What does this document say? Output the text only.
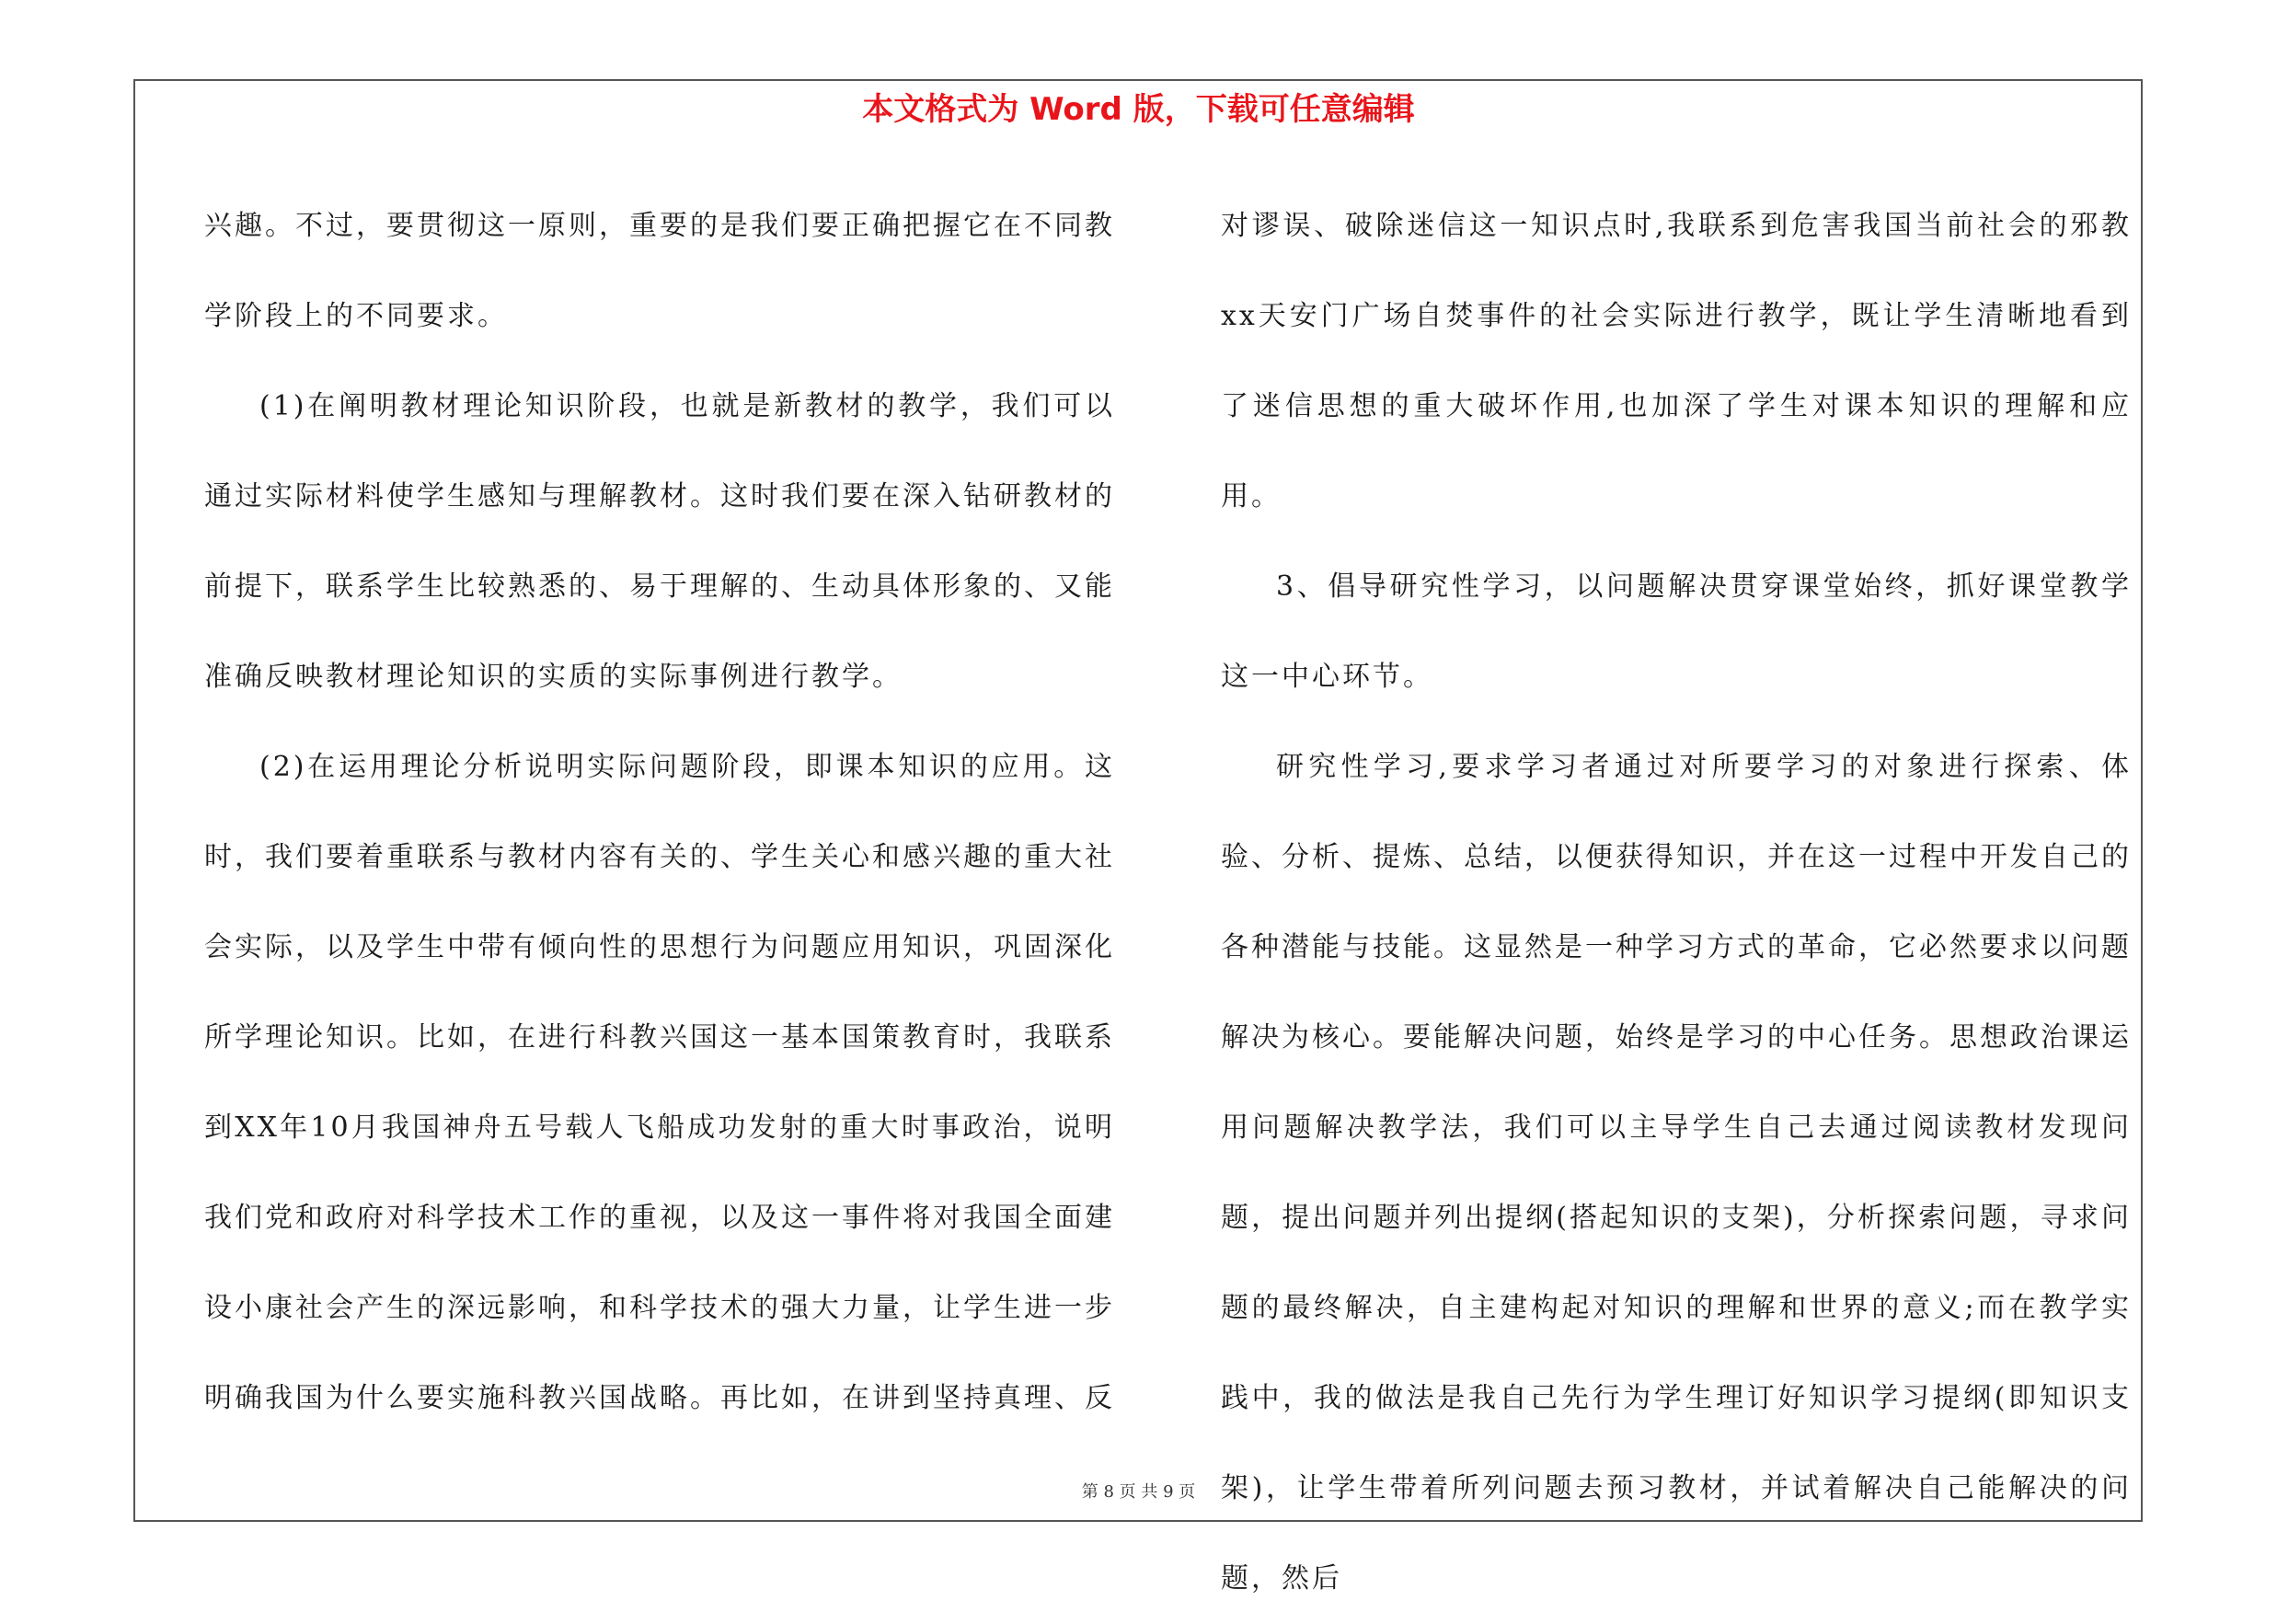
本文格式为 Word 版，下载可任意编辑

兴趣。不过，要贯彻这一原则，重要的是我们要正确把握它在不同教学阶段上的不同要求。

(1)在阐明教材理论知识阶段，也就是新教材的教学，我们可以通过实际材料使学生感知与理解教材。这时我们要在深入钻研教材的前提下，联系学生比较熟悉的、易于理解的、生动具体形象的、又能准确反映教材理论知识的实质的实际事例进行教学。

(2)在运用理论分析说明实际问题阶段，即课本知识的应用。这时，我们要着重联系与教材内容有关的、学生关心和感兴趣的重大社会实际，以及学生中带有倾向性的思想行为问题应用知识，巩固深化所学理论知识。比如，在进行科教兴国这一基本国策教育时，我联系到XX年10月我国神舟五号载人飞船成功发射的重大时事政治，说明我们党和政府对科学技术工作的重视，以及这一事件将对我国全面建设小康社会产生的深远影响，和科学技术的强大力量，让学生进一步明确我国为什么要实施科教兴国战略。再比如，在讲到坚持真理、反

对谬误、破除迷信这一知识点时,我联系到危害我国当前社会的邪教xx天安门广场自焚事件的社会实际进行教学，既让学生清晰地看到了迷信思想的重大破坏作用,也加深了学生对课本知识的理解和应用。

3、倡导研究性学习，以问题解决贯穿课堂始终，抓好课堂教学这一中心环节。

研究性学习,要求学习者通过对所要学习的对象进行探索、体验、分析、提炼、总结，以便获得知识，并在这一过程中开发自己的各种潜能与技能。这显然是一种学习方式的革命，它必然要求以问题解决为核心。要能解决问题，始终是学习的中心任务。思想政治课运用问题解决教学法，我们可以主导学生自己去通过阅读教材发现问题，提出问题并列出提纲(搭起知识的支架)，分析探索问题，寻求问题的最终解决，自主建构起对知识的理解和世界的意义;而在教学实践中，我的做法是我自己先行为学生理订好知识学习提纲(即知识支架)，让学生带着所列问题去预习教材，并试着解决自己能解决的问题，然后

第 8 页 共 9 页
